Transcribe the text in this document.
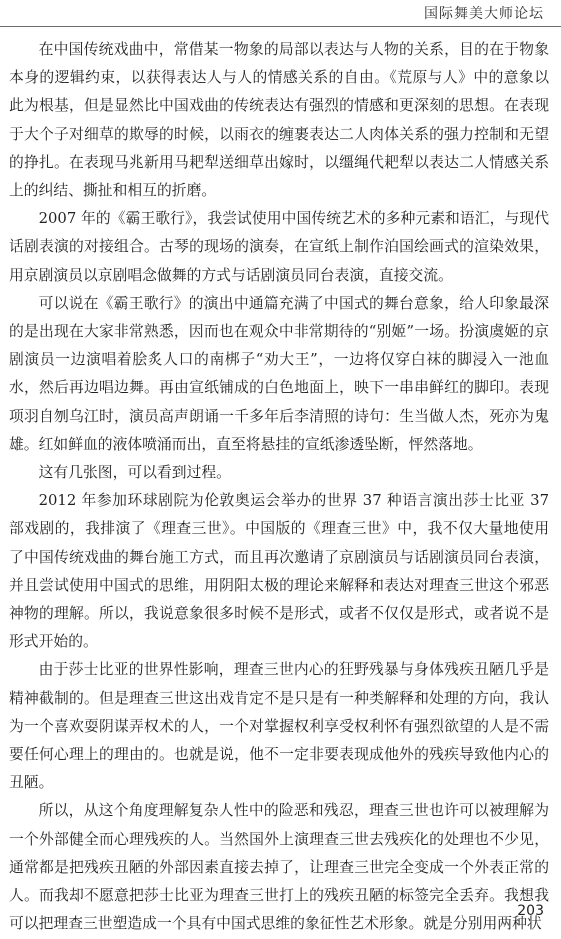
国际舞美大师论坛

在中国传统戏曲中，常借某一物象的局部以表达与人物的关系，目的在于物象本身的逻辑约束，以获得表达人与人的情感关系的自由。《荒原与人》中的意象以此为根基，但是显然比中国戏曲的传统表达有强烈的情感和更深刻的思想。在表现于大个子对细草的欺辱的时候，以雨衣的缠裹表达二人肉体关系的强力控制和无望的挣扎。在表现马兆新用马耙犁送细草出嫁时，以缰绳代耙犁以表达二人情感关系上的纠结、撕扯和相互的折磨。

2007 年的《霸王歌行》，我尝试使用中国传统艺术的多种元素和语汇，与现代话剧表演的对接组合。古琴的现场的演奏，在宣纸上制作泊国绘画式的渲染效果，用京剧演员以京剧唱念做舞的方式与话剧演员同台表演，直接交流。

可以说在《霸王歌行》的演出中通篇充满了中国式的舞台意象，给人印象最深的是出现在大家非常熟悉，因而也在观众中非常期待的“别姬”一场。扮演虞姬的京剧演员一边演唱着脍炙人口的南梆子“劝大王”，一边将仅穿白袜的脚浸入一池血水，然后再边唱边舞。再由宣纸铺成的白色地面上，映下一串串鲜红的脚印。表现项羽自刎乌江时，演员高声朗诵一千多年后李清照的诗句：生当做人杰，死亦为鬼雄。红如鲜血的液体喷涌而出，直至将悬挂的宣纸渗透坠断，怦然落地。

这有几张图，可以看到过程。

2012 年参加环球剧院为伦敦奥运会举办的世界 37 种语言演出莎士比亚 37 部戏剧的，我排演了《理查三世》。中国版的《理查三世》中，我不仅大量地使用了中国传统戏曲的舞台施工方式，而且再次邀请了京剧演员与话剧演员同台表演，并且尝试使用中国式的思维，用阴阳太极的理论来解释和表达对理查三世这个邪恶神物的理解。所以，我说意象很多时候不是形式，或者不仅仅是形式，或者说不是形式开始的。

由于莎士比亚的世界性影响，理查三世内心的狂野残暴与身体残疾丑陋几乎是精神截制的。但是理查三世这出戏肯定不是只是有一种类解释和处理的方向，我认为一个喜欢耍阴谋弄权术的人，一个对掌握权利享受权利怀有强烈欲望的人是不需要任何心理上的理由的。也就是说，他不一定非要表现成他外的残疾导致他内心的丑陋。

所以，从这个角度理解复杂人性中的险恶和残忍，理查三世也许可以被理解为一个外部健全而心理残疾的人。当然国外上演理查三世去残疾化的处理也不少见，通常都是把残疾丑陋的外部因素直接去掉了，让理查三世完全变成一个外表正常的人。而我却不愿意把莎士比亚为理查三世打上的残疾丑陋的标签完全丢弃。我想我可以把理查三世塑造成一个具有中国式思维的象征性艺术形象。就是分别用两种状

203
